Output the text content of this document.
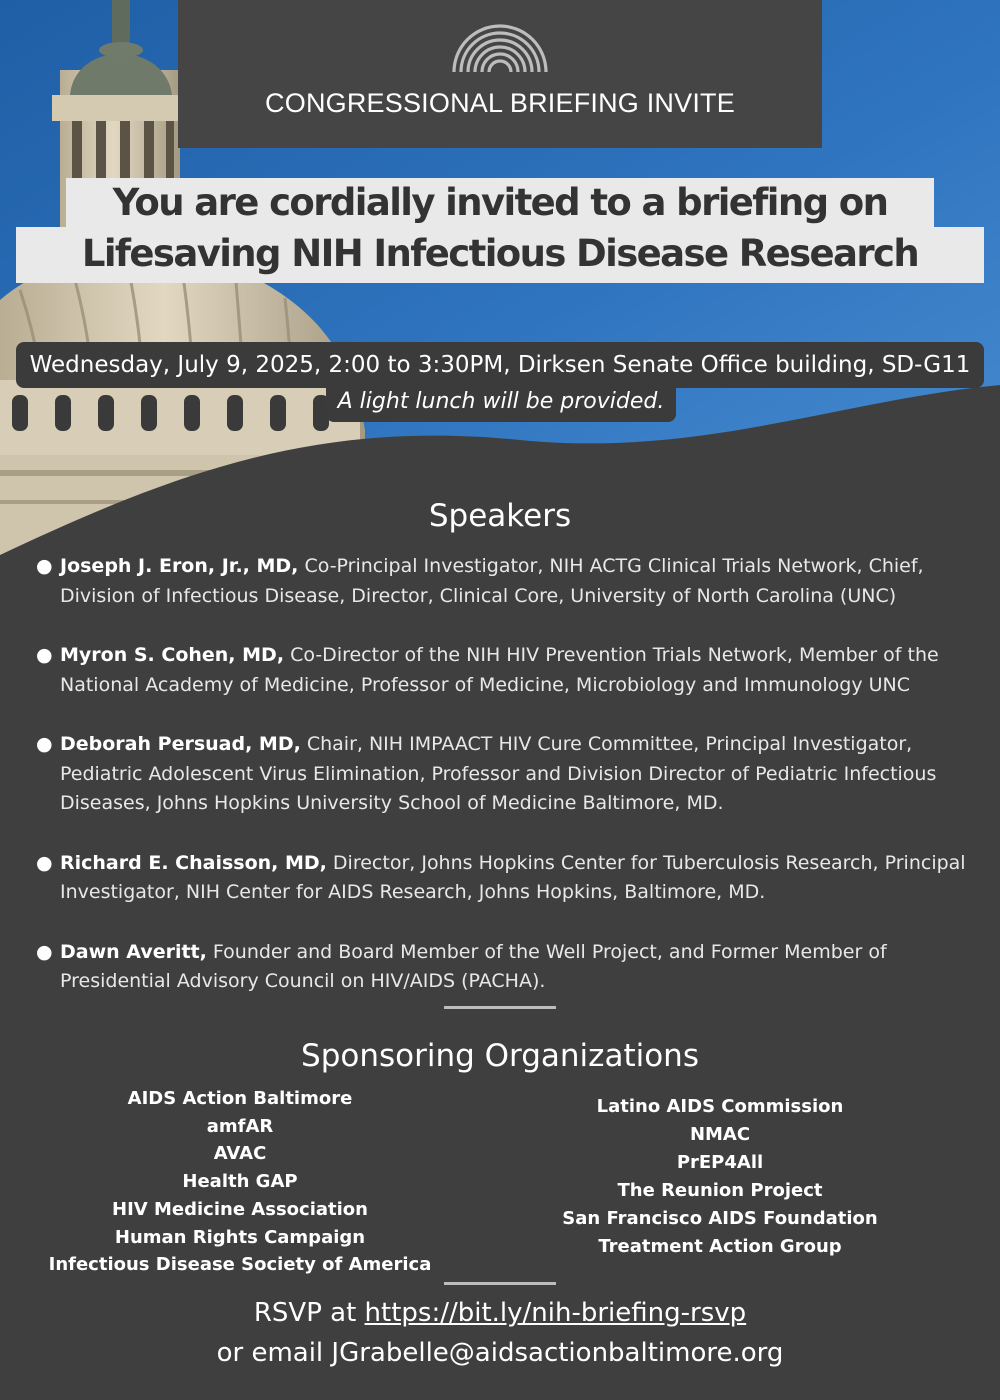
CONGRESSIONAL BRIEFING INVITE
You are cordially invited to a briefing on
Lifesaving NIH Infectious Disease Research
Wednesday, July 9, 2025, 2:00 to 3:30PM, Dirksen Senate Office building, SD-G11
A light lunch will be provided.
Speakers
● Joseph J. Eron, Jr., MD, Co-Principal Investigator, NIH ACTG Clinical Trials Network, Chief, Division of Infectious Disease, Director, Clinical Core, University of North Carolina (UNC)
● Myron S. Cohen, MD, Co-Director of the NIH HIV Prevention Trials Network, Member of the National Academy of Medicine, Professor of Medicine, Microbiology and Immunology UNC
● Deborah Persuad, MD, Chair, NIH IMPAACT HIV Cure Committee, Principal Investigator, Pediatric Adolescent Virus Elimination, Professor and Division Director of Pediatric Infectious Diseases, Johns Hopkins University School of Medicine Baltimore, MD.
● Richard E. Chaisson, MD, Director, Johns Hopkins Center for Tuberculosis Research, Principal Investigator, NIH Center for AIDS Research, Johns Hopkins, Baltimore, MD.
● Dawn Averitt, Founder and Board Member of the Well Project, and Former Member of Presidential Advisory Council on HIV/AIDS (PACHA).
Sponsoring Organizations
AIDS Action Baltimore
amfAR
AVAC
Health GAP
HIV Medicine Association
Human Rights Campaign
Infectious Disease Society of America
Latino AIDS Commission
NMAC
PrEP4All
The Reunion Project
San Francisco AIDS Foundation
Treatment Action Group
RSVP at https://bit.ly/nih-briefing-rsvp
or email JGrabelle@aidsactionbaltimore.org
